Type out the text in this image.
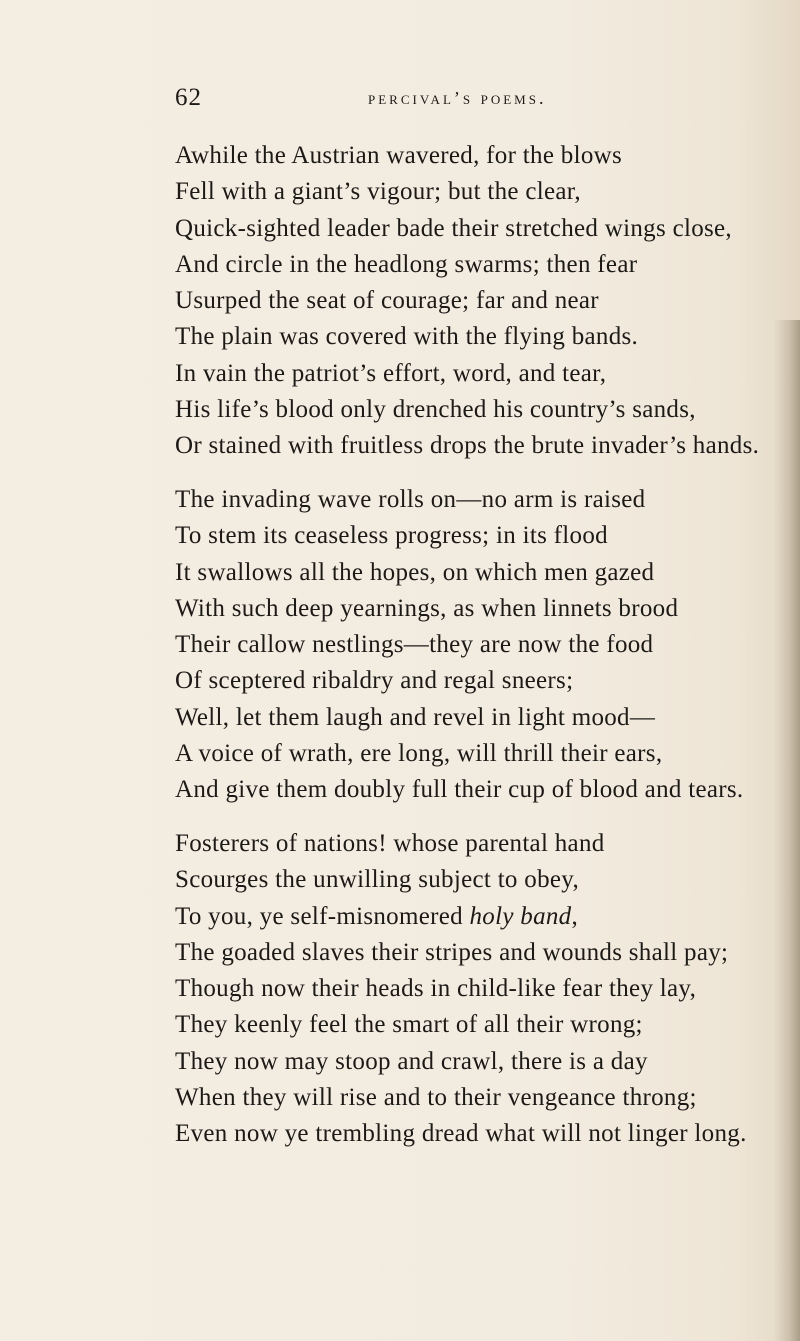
62	percival’s poems.
Awhile the Austrian wavered, for the blows
Fell with a giant’s vigour; but the clear,
Quick-sighted leader bade their stretched wings close,
And circle in the headlong swarms; then fear
Usurped the seat of courage; far and near
The plain was covered with the flying bands.
In vain the patriot’s effort, word, and tear,
His life’s blood only drenched his country’s sands,
Or stained with fruitless drops the brute invader’s hands.
The invading wave rolls on—no arm is raised
To stem its ceaseless progress; in its flood
It swallows all the hopes, on which men gazed
With such deep yearnings, as when linnets brood
Their callow nestlings—they are now the food
Of sceptered ribaldry and regal sneers;
Well, let them laugh and revel in light mood—
A voice of wrath, ere long, will thrill their ears,
And give them doubly full their cup of blood and tears.
Fosterers of nations! whose parental hand
Scourges the unwilling subject to obey,
To you, ye self-misnomered holy band,
The goaded slaves their stripes and wounds shall pay;
Though now their heads in child-like fear they lay,
They keenly feel the smart of all their wrong;
They now may stoop and crawl, there is a day
When they will rise and to their vengeance throng;
Even now ye trembling dread what will not linger long.
